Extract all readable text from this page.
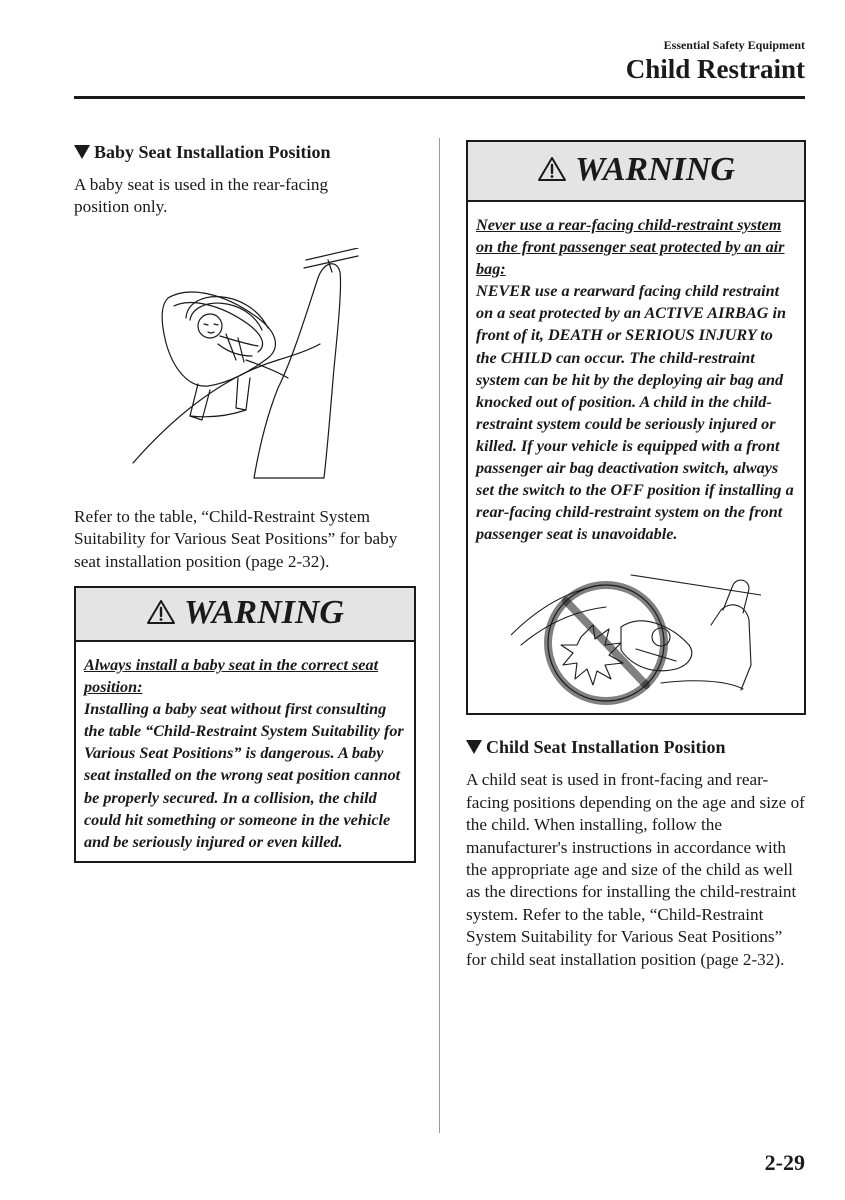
Essential Safety Equipment
Child Restraint
Baby Seat Installation Position

A baby seat is used in the rear-facing position only.

Refer to the table, “Child-Restraint System Suitability for Various Seat Positions” for baby seat installation position (page 2-32).

WARNING
Always install a baby seat in the correct seat position:
Installing a baby seat without first consulting the table “Child-Restraint System Suitability for Various Seat Positions” is dangerous. A baby seat installed on the wrong seat position cannot be properly secured. In a collision, the child could hit something or someone in the vehicle and be seriously injured or even killed.
WARNING
Never use a rear-facing child-restraint system on the front passenger seat protected by an air bag:
NEVER use a rearward facing child restraint on a seat protected by an ACTIVE AIRBAG in front of it, DEATH or SERIOUS INJURY to the CHILD can occur. The child-restraint system can be hit by the deploying air bag and knocked out of position. A child in the child-restraint system could be seriously injured or killed. If your vehicle is equipped with a front passenger air bag deactivation switch, always set the switch to the OFF position if installing a rear-facing child-restraint system on the front passenger seat is unavoidable.
Child Seat Installation Position

A child seat is used in front-facing and rear-facing positions depending on the age and size of the child. When installing, follow the manufacturer's instructions in accordance with the appropriate age and size of the child as well as the directions for installing the child-restraint system. Refer to the table, “Child-Restraint System Suitability for Various Seat Positions” for child seat installation position (page 2-32).

2-29
